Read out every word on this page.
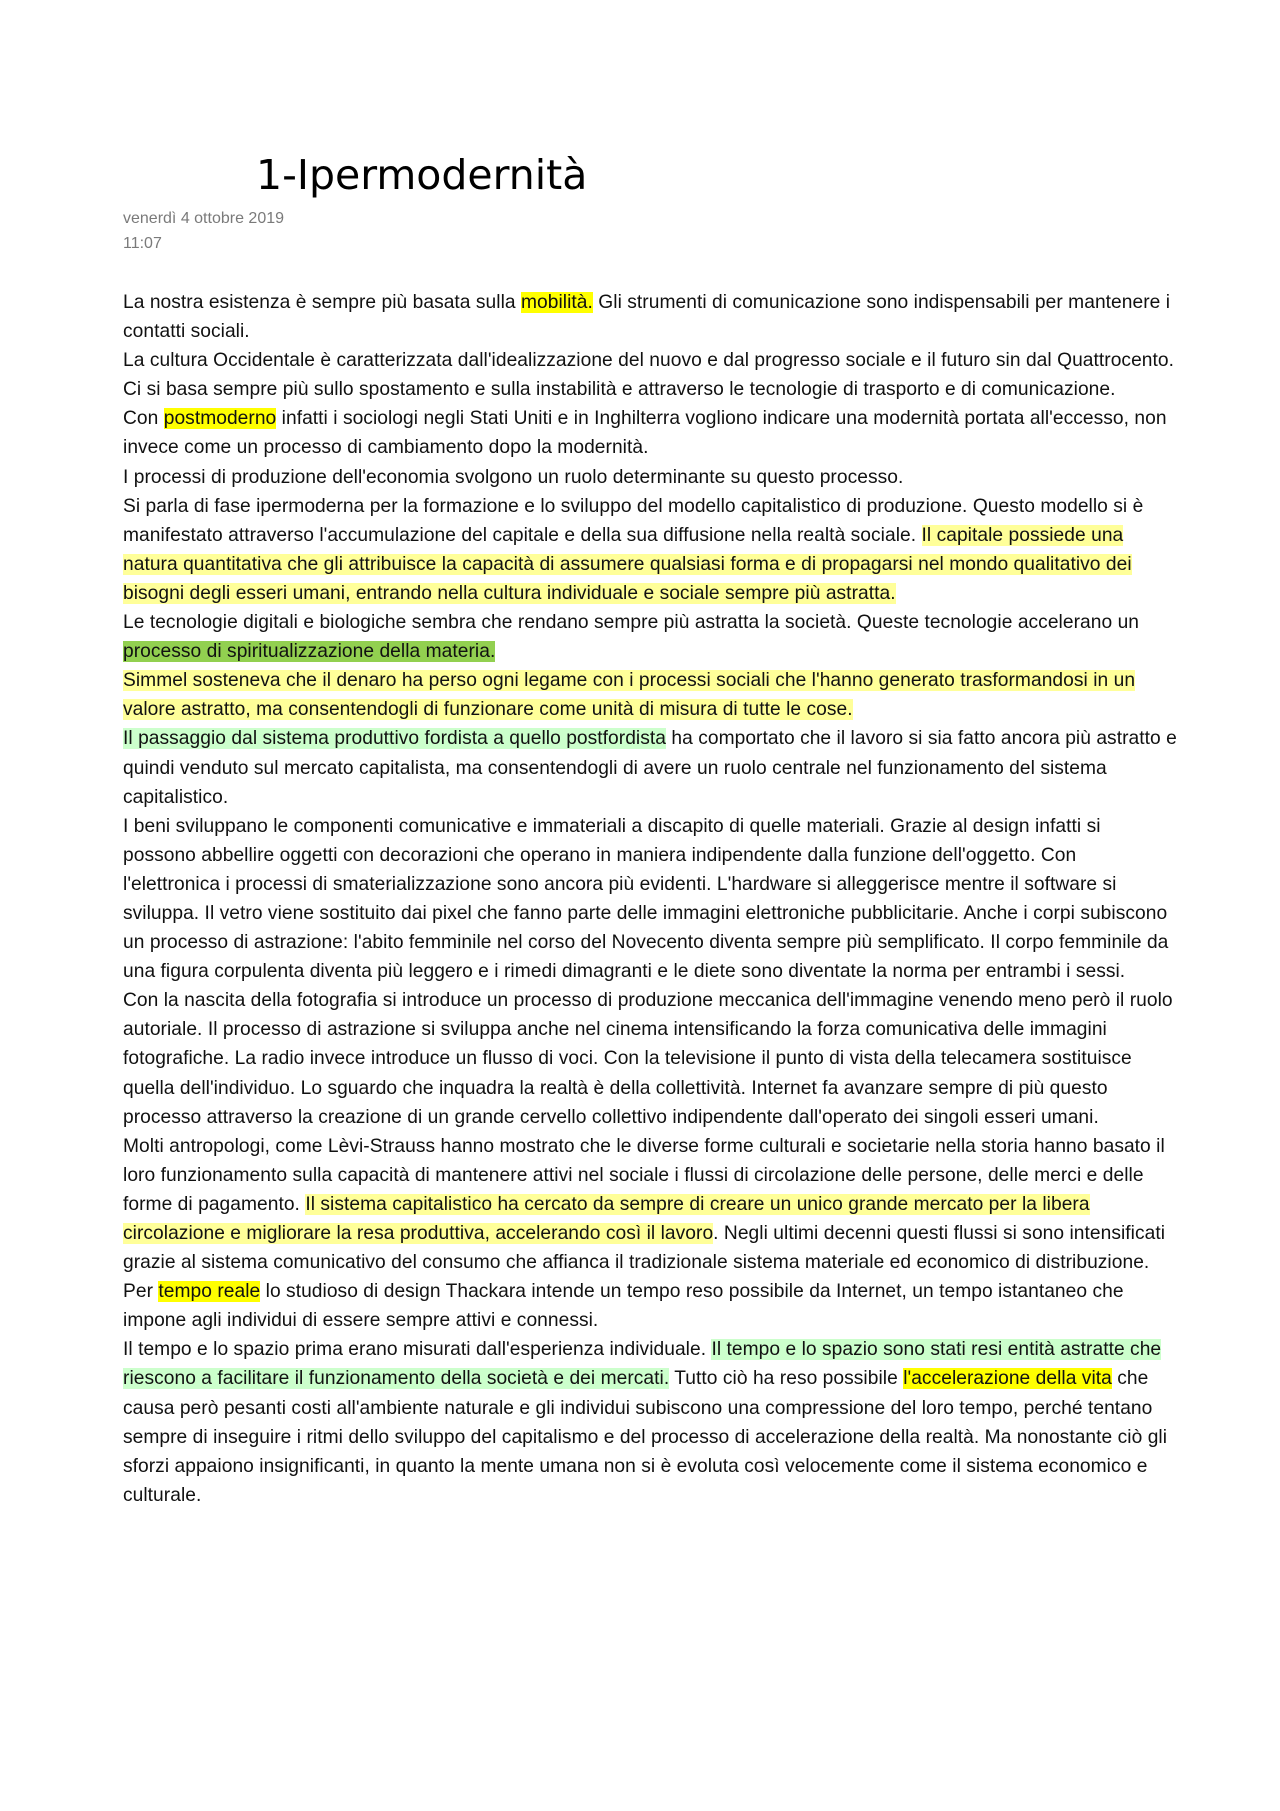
1-Ipermodernità
venerdì 4 ottobre 2019
11:07

La nostra esistenza è sempre più basata sulla mobilità. Gli strumenti di comunicazione sono indispensabili per mantenere i contatti sociali.

La cultura Occidentale è caratterizzata dall'idealizzazione del nuovo e dal progresso sociale e il futuro sin dal Quattrocento. Ci si basa sempre più sullo spostamento e sulla instabilità e attraverso le tecnologie di trasporto e di comunicazione.

Con postmoderno infatti i sociologi negli Stati Uniti e in Inghilterra vogliono indicare una modernità portata all'eccesso, non invece come un processo di cambiamento dopo la modernità.

I processi di produzione dell'economia svolgono un ruolo determinante su questo processo.

Si parla di fase ipermoderna per la formazione e lo sviluppo del modello capitalistico di produzione. Questo modello si è manifestato attraverso l'accumulazione del capitale e della sua diffusione nella realtà sociale. Il capitale possiede una natura quantitativa che gli attribuisce la capacità di assumere qualsiasi forma e di propagarsi nel mondo qualitativo dei bisogni degli esseri umani, entrando nella cultura individuale e sociale sempre più astratta.

Le tecnologie digitali e biologiche sembra che rendano sempre più astratta la società. Queste tecnologie accelerano un processo di spiritualizzazione della materia.

Simmel sosteneva che il denaro ha perso ogni legame con i processi sociali che l'hanno generato trasformandosi in un valore astratto, ma consentendogli di funzionare come unità di misura di tutte le cose.

Il passaggio dal sistema produttivo fordista a quello postfordista ha comportato che il lavoro si sia fatto ancora più astratto e quindi venduto sul mercato capitalista, ma consentendogli di avere un ruolo centrale nel funzionamento del sistema capitalistico.

I beni sviluppano le componenti comunicative e immateriali a discapito di quelle materiali. Grazie al design infatti si possono abbellire oggetti con decorazioni che operano in maniera indipendente dalla funzione dell'oggetto. Con l'elettronica i processi di smaterializzazione sono ancora più evidenti. L'hardware si alleggerisce mentre il software si sviluppa. Il vetro viene sostituito dai pixel che fanno parte delle immagini elettroniche pubblicitarie. Anche i corpi subiscono un processo di astrazione: l'abito femminile nel corso del Novecento diventa sempre più semplificato. Il corpo femminile da una figura corpulenta diventa più leggero e i rimedi dimagranti e le diete sono diventate la norma per entrambi i sessi.

Con la nascita della fotografia si introduce un processo di produzione meccanica dell'immagine venendo meno però il ruolo autoriale. Il processo di astrazione si sviluppa anche nel cinema intensificando la forza comunicativa delle immagini fotografiche. La radio invece introduce un flusso di voci. Con la televisione il punto di vista della telecamera sostituisce quella dell'individuo. Lo sguardo che inquadra la realtà è della collettività. Internet fa avanzare sempre di più questo processo attraverso la creazione di un grande cervello collettivo indipendente dall'operato dei singoli esseri umani.

Molti antropologi, come Lèvi-Strauss hanno mostrato che le diverse forme culturali e societarie nella storia hanno basato il loro funzionamento sulla capacità di mantenere attivi nel sociale i flussi di circolazione delle persone, delle merci e delle forme di pagamento. Il sistema capitalistico ha cercato da sempre di creare un unico grande mercato per la libera circolazione e migliorare la resa produttiva, accelerando così il lavoro. Negli ultimi decenni questi flussi si sono intensificati grazie al sistema comunicativo del consumo che affianca il tradizionale sistema materiale ed economico di distribuzione.

Per tempo reale lo studioso di design Thackara intende un tempo reso possibile da Internet, un tempo istantaneo che impone agli individui di essere sempre attivi e connessi.

Il tempo e lo spazio prima erano misurati dall'esperienza individuale. Il tempo e lo spazio sono stati resi entità astratte che riescono a facilitare il funzionamento della società e dei mercati. Tutto ciò ha reso possibile l'accelerazione della vita che causa però pesanti costi all'ambiente naturale e gli individui subiscono una compressione del loro tempo, perché tentano sempre di inseguire i ritmi dello sviluppo del capitalismo e del processo di accelerazione della realtà. Ma nonostante ciò gli sforzi appaiono insignificanti, in quanto la mente umana non si è evoluta così velocemente come il sistema economico e culturale.
